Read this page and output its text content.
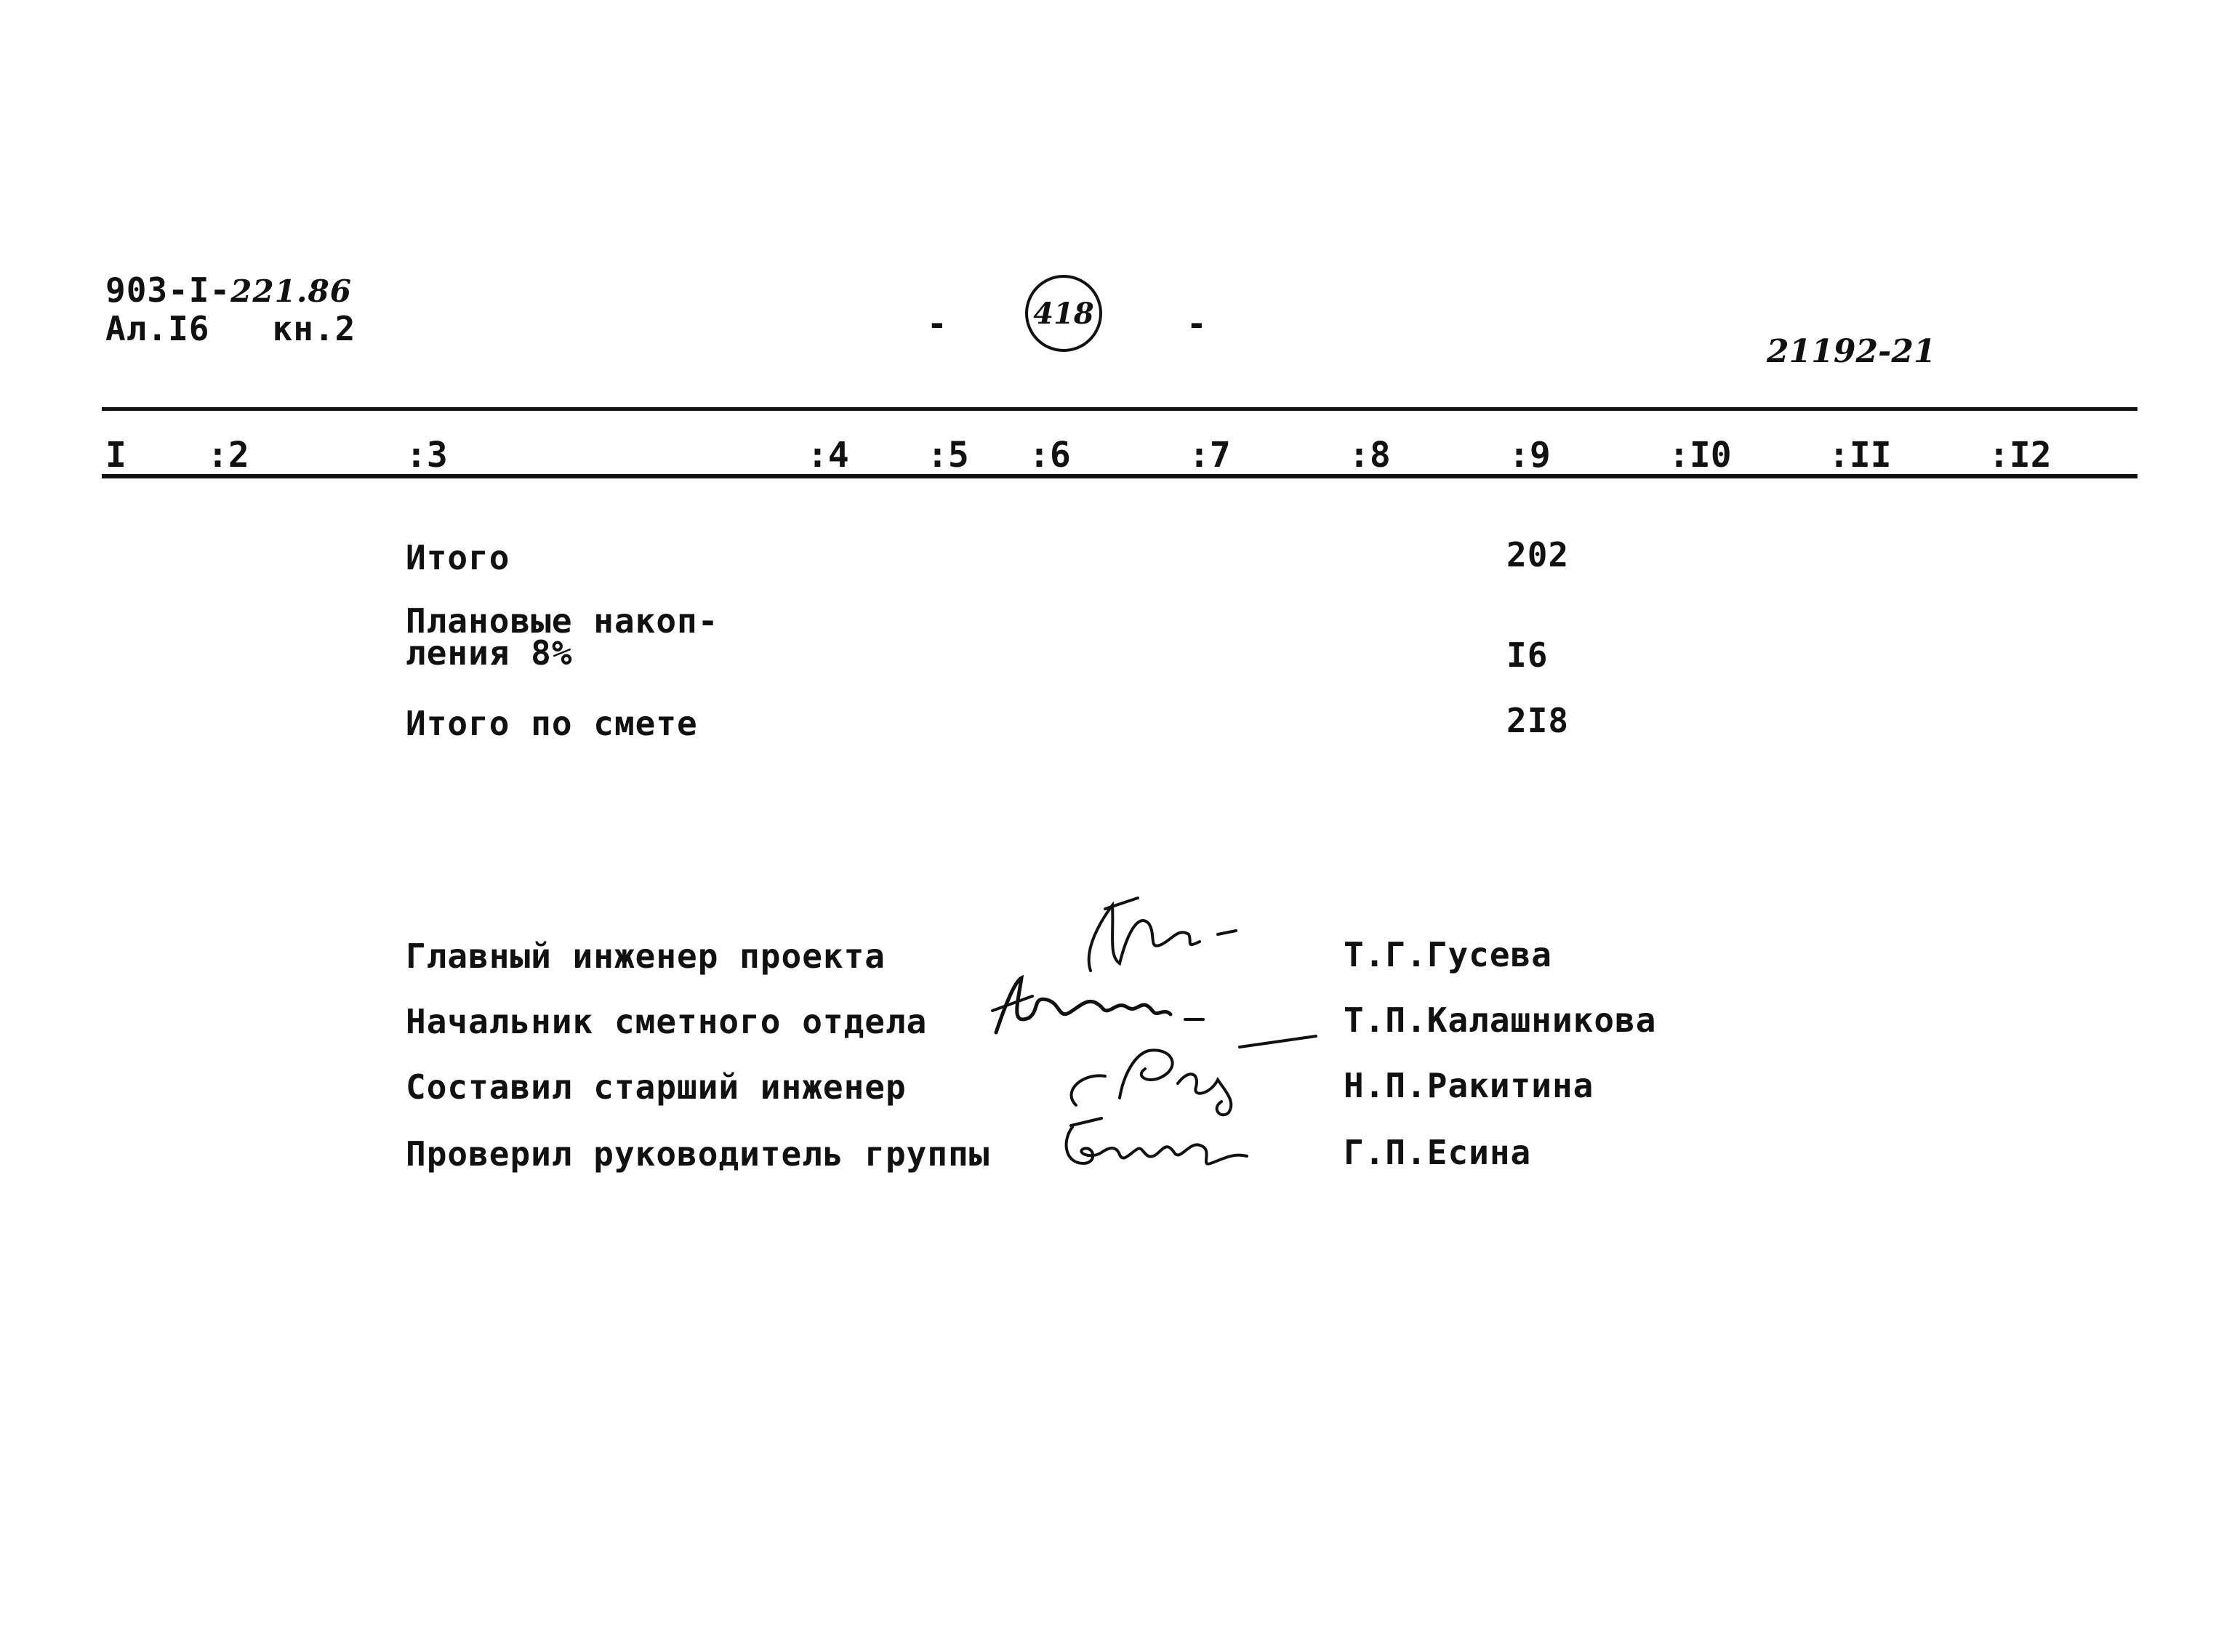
903-I-221.86
Ал.I6   кн.2	-	418	-
21192-21
I :2	:3	:4 :5 :6	:7	:8	:9	:I0	:II	:I2
Итого	202
Плановые накоп-
ления 8%	I6
Итого по смете	2I8
Главный инженер проекта	Т.Г.Гусева
Начальник сметного отдела	Т.П.Калашникова
Составил старший инженер	Н.П.Ракитина
Проверил руководитель группы	Г.П.Есина
